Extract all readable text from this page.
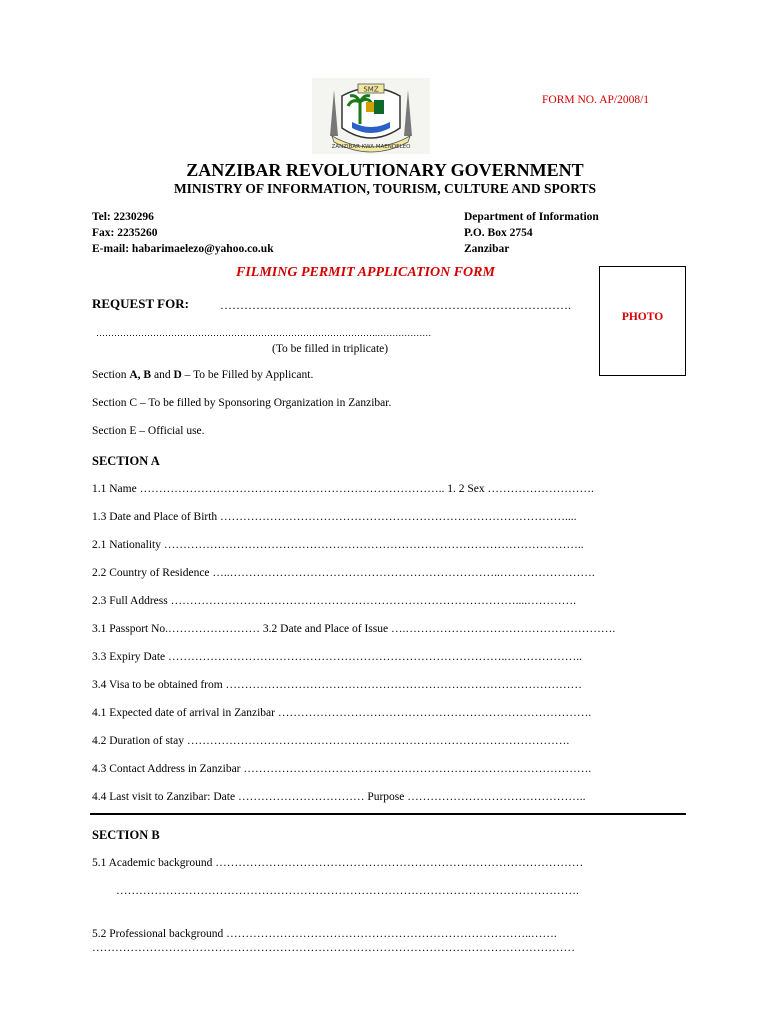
SMZ
ZANZIBAR KWA MAENDELEO
FORM NO. AP/2008/1
ZANZIBAR REVOLUTIONARY GOVERNMENT
MINISTRY OF INFORMATION, TOURISM, CULTURE AND SPORTS
Tel: 2230296
Fax: 2235260
E-mail: habarimaelezo@yahoo.co.uk
Department of Information
P.O. Box 2754
Zanzibar
FILMING PERMIT APPLICATION FORM
PHOTO
REQUEST FOR:	…………………………………………………………………………….
………………………………………………………………………………….………………
(To be filled in triplicate)
Section A, B and D – To be Filled by Applicant.
Section C – To be filled by Sponsoring Organization in Zanzibar.
Section E – Official use.
SECTION A
1.1 Name …………………………………………………………………….. 1. 2 Sex ……………………….
1.3 Date and Place of Birth ………………………………………………………………………………....
2.1 Nationality ………………………………………………………………………………………………..
2.2 Country of Residence …..……………………………………………………………..…………………….
2.3 Full Address ………………………………………………………………………………....………….
3.1 Passport No.…………………… 3.2 Date and Place of Issue ….……………………………………………….
3.3 Expiry Date ……………………………………………………………………………..………………..
3.4 Visa to be obtained from …………………………………………………………………………………
4.1 Expected date of arrival in Zanzibar ……………………………………………………………………….
4.2 Duration of stay ……………………………………………………………………………………….
4.3 Contact Address in Zanzibar ……………………………………………………………………………….
4.4 Last visit to Zanzibar: Date …………………………… Purpose ………………………………………..
SECTION B
5.1 Academic background ……………………………………………………………………………………
………………………………………………………………………………………………………….
5.2 Professional background ……………………………………………………………………..…….
………………………………………………………………………………………………………………
